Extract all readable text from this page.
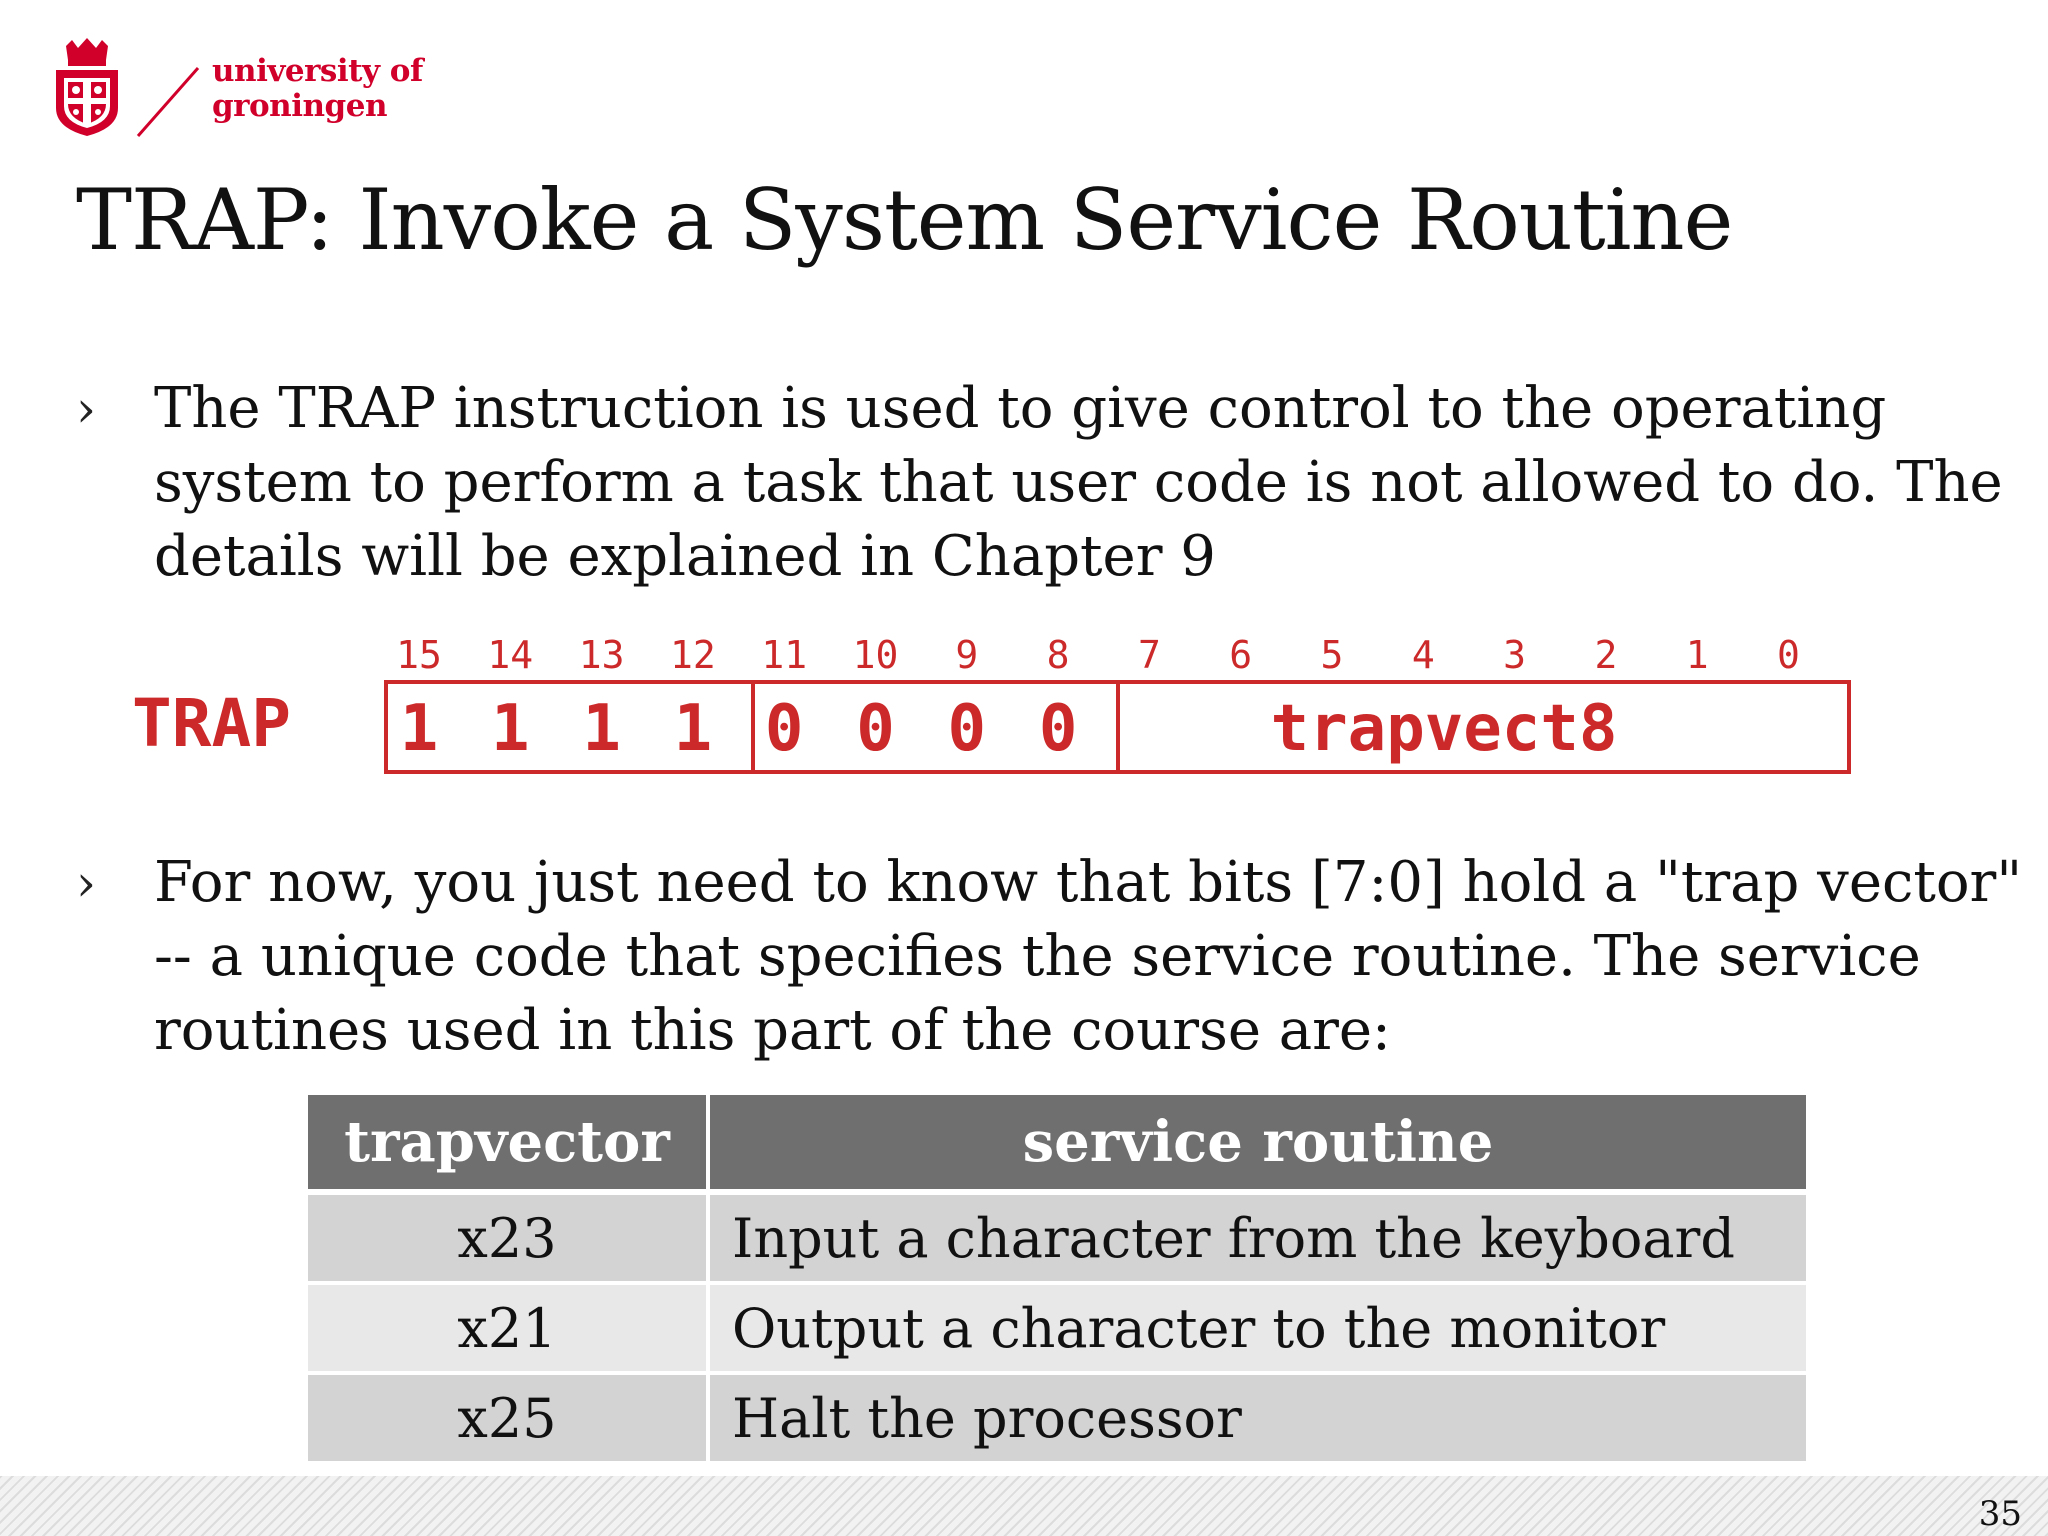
university of
groningen
TRAP: Invoke a System Service Routine
› The TRAP instruction is used to give control to the operating system to perform a task that user code is not allowed to do. The details will be explained in Chapter 9
TRAP
15 14 13 12 11 10 9 8 7 6 5 4 3 2 1 0
1 1 1 1 0 0 0 0	trapvect8
› For now, you just need to know that bits [7:0] hold a "trap vector" -- a unique code that specifies the service routine. The service routines used in this part of the course are:
trapvector	service routine
x23	Input a character from the keyboard
x21	Output a character to the monitor
x25	Halt the processor
35
